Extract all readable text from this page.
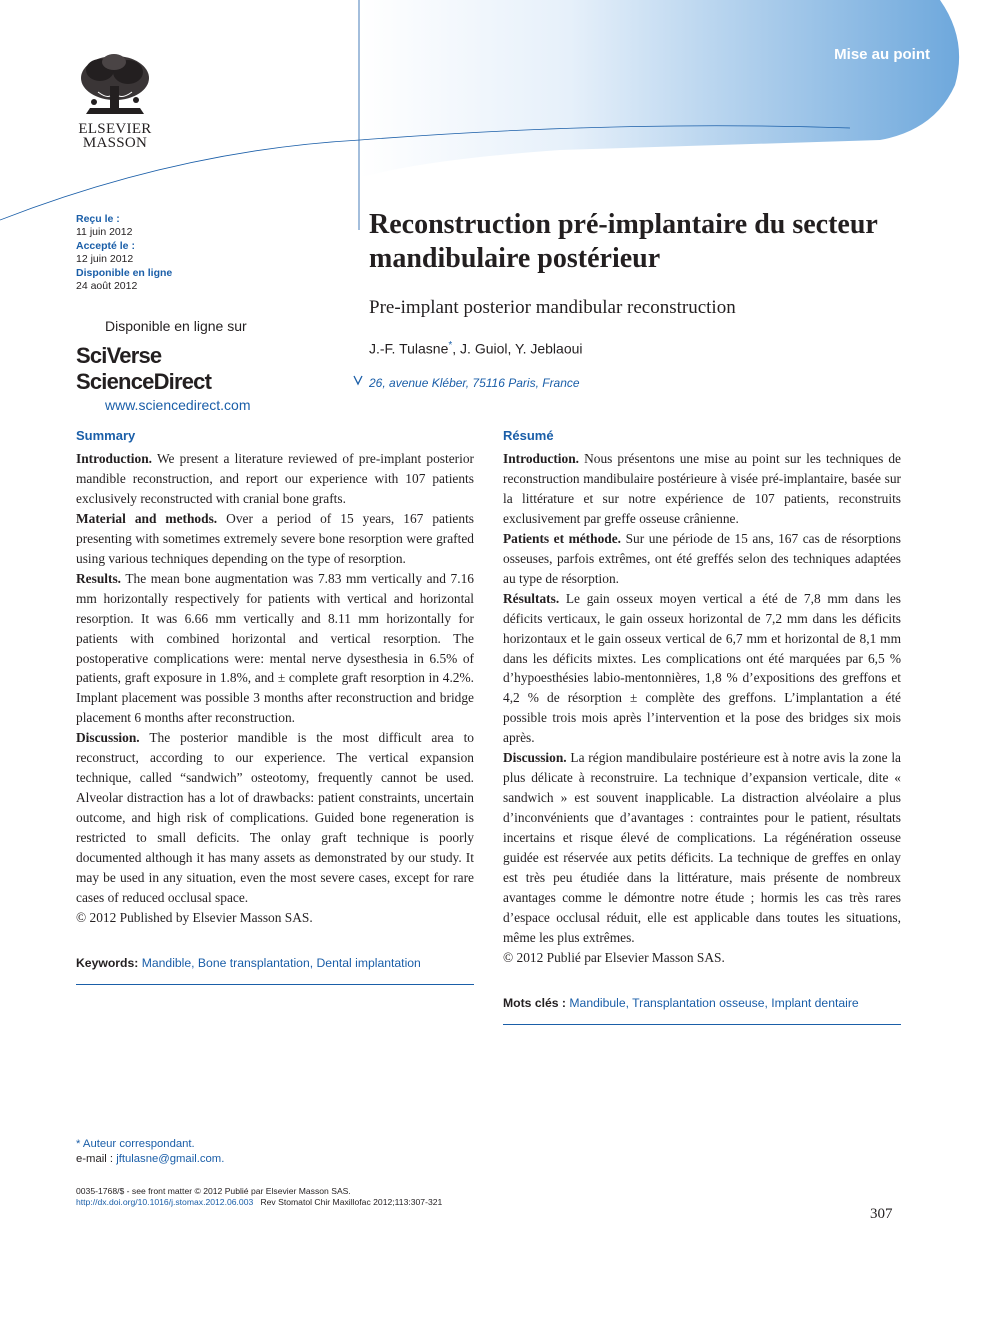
Mise au point
ELSEVIER
MASSON
Reçu le :
11 juin 2012
Accepté le :
12 juin 2012
Disponible en ligne
24 août 2012
Disponible en ligne sur
SciVerse ScienceDirect
www.sciencedirect.com
Reconstruction pré-implantaire du secteur mandibulaire postérieur
Pre-implant posterior mandibular reconstruction
J.-F. Tulasne*, J. Guiol, Y. Jeblaoui
26, avenue Kléber, 75116 Paris, France
Summary

Introduction. We present a literature reviewed of pre-implant posterior mandible reconstruction, and report our experience with 107 patients exclusively reconstructed with cranial bone grafts.

Material and methods. Over a period of 15 years, 167 patients presenting with sometimes extremely severe bone resorption were grafted using various techniques depending on the type of resorption.

Results. The mean bone augmentation was 7.83 mm vertically and 7.16 mm horizontally respectively for patients with vertical and horizontal resorption. It was 6.66 mm vertically and 8.11 mm horizontally for patients with combined horizontal and vertical resorption. The postoperative complications were: mental nerve dysesthesia in 6.5% of patients, graft exposure in 1.8%, and ± complete graft resorption in 4.2%. Implant placement was possible 3 months after reconstruction and bridge placement 6 months after reconstruction.

Discussion. The posterior mandible is the most difficult area to reconstruct, according to our experience. The vertical expansion technique, called “sandwich” osteotomy, frequently cannot be used. Alveolar distraction has a lot of drawbacks: patient constraints, uncertain outcome, and high risk of complications. Guided bone regeneration is restricted to small deficits. The onlay graft technique is poorly documented although it has many assets as demonstrated by our study. It may be used in any situation, even the most severe cases, except for rare cases of reduced occlusal space.

© 2012 Published by Elsevier Masson SAS.

Keywords: Mandible, Bone transplantation, Dental implantation
Résumé

Introduction. Nous présentons une mise au point sur les techniques de reconstruction mandibulaire postérieure à visée pré-implantaire, basée sur la littérature et sur notre expérience de 107 patients, reconstruits exclusivement par greffe osseuse crânienne.

Patients et méthode. Sur une période de 15 ans, 167 cas de résorptions osseuses, parfois extrêmes, ont été greffés selon des techniques adaptées au type de résorption.

Résultats. Le gain osseux moyen vertical a été de 7,8 mm dans les déficits verticaux, le gain osseux horizontal de 7,2 mm dans les déficits horizontaux et le gain osseux vertical de 6,7 mm et horizontal de 8,1 mm dans les déficits mixtes. Les complications ont été marquées par 6,5 % d’hypoesthésies labio-mentonnières, 1,8 % d’expositions des greffons et 4,2 % de résorption ± complète des greffons. L’implantation a été possible trois mois après l’intervention et la pose des bridges six mois après.

Discussion. La région mandibulaire postérieure est à notre avis la zone la plus délicate à reconstruire. La technique d’expansion verticale, dite « sandwich » est souvent inapplicable. La distraction alvéolaire a plus d’inconvénients que d’avantages : contraintes pour le patient, résultats incertains et risque élevé de complications. La régénération osseuse guidée est réservée aux petits déficits. La technique de greffes en onlay est très peu étudiée dans la littérature, mais présente de nombreux avantages comme le démontre notre étude ; hormis les cas très rares d’espace occlusal réduit, elle est applicable dans toutes les situations, même les plus extrêmes.

© 2012 Publié par Elsevier Masson SAS.

Mots clés : Mandibule, Transplantation osseuse, Implant dentaire
* Auteur correspondant.
e-mail : jftulasne@gmail.com.
0035-1768/$ - see front matter © 2012 Publié par Elsevier Masson SAS.
http://dx.doi.org/10.1016/j.stomax.2012.06.003 Rev Stomatol Chir Maxillofac 2012;113:307-321
307
